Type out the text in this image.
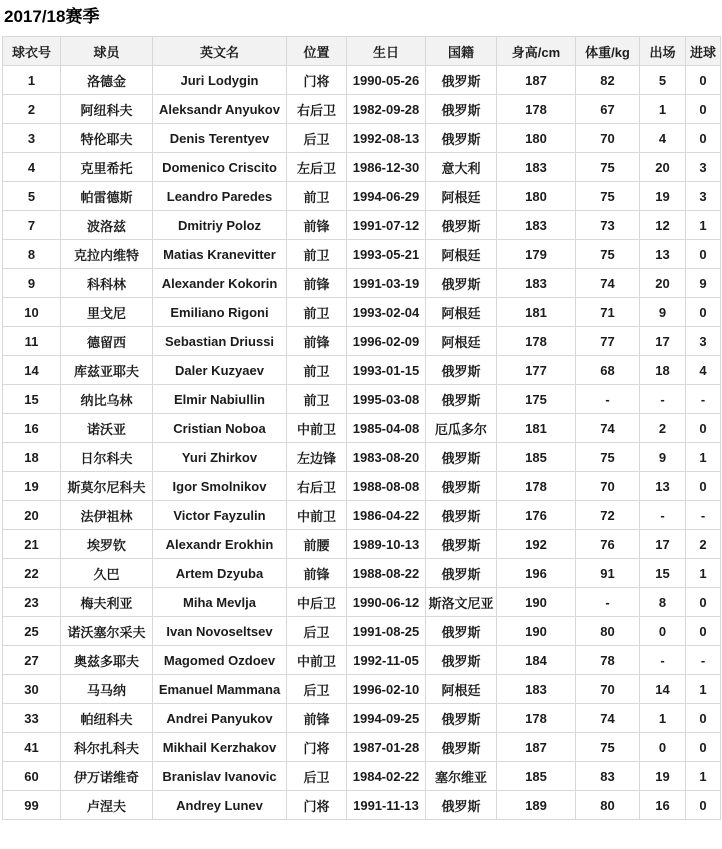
2017/18赛季
球衣号	球员	英文名	位置	生日	国籍	身高/cm	体重/kg	出场	进球
1	洛德金	Juri Lodygin	门将	1990-05-26	俄罗斯	187	82	5	0
2	阿纽科夫	Aleksandr Anyukov	右后卫	1982-09-28	俄罗斯	178	67	1	0
3	特伦耶夫	Denis Terentyev	后卫	1992-08-13	俄罗斯	180	70	4	0
4	克里希托	Domenico Criscito	左后卫	1986-12-30	意大利	183	75	20	3
5	帕雷德斯	Leandro Paredes	前卫	1994-06-29	阿根廷	180	75	19	3
7	波洛兹	Dmitriy Poloz	前锋	1991-07-12	俄罗斯	183	73	12	1
8	克拉内维特	Matias Kranevitter	前卫	1993-05-21	阿根廷	179	75	13	0
9	科科林	Alexander Kokorin	前锋	1991-03-19	俄罗斯	183	74	20	9
10	里戈尼	Emiliano Rigoni	前卫	1993-02-04	阿根廷	181	71	9	0
11	德留西	Sebastian Driussi	前锋	1996-02-09	阿根廷	178	77	17	3
14	库兹亚耶夫	Daler Kuzyaev	前卫	1993-01-15	俄罗斯	177	68	18	4
15	纳比乌林	Elmir Nabiullin	前卫	1995-03-08	俄罗斯	175	-	-	-
16	诺沃亚	Cristian Noboa	中前卫	1985-04-08	厄瓜多尔	181	74	2	0
18	日尔科夫	Yuri Zhirkov	左边锋	1983-08-20	俄罗斯	185	75	9	1
19	斯莫尔尼科夫	Igor Smolnikov	右后卫	1988-08-08	俄罗斯	178	70	13	0
20	法伊祖林	Victor Fayzulin	中前卫	1986-04-22	俄罗斯	176	72	-	-
21	埃罗钦	Alexandr Erokhin	前腰	1989-10-13	俄罗斯	192	76	17	2
22	久巴	Artem Dzyuba	前锋	1988-08-22	俄罗斯	196	91	15	1
23	梅夫利亚	Miha Mevlja	中后卫	1990-06-12	斯洛文尼亚	190	-	8	0
25	诺沃塞尔采夫	Ivan Novoseltsev	后卫	1991-08-25	俄罗斯	190	80	0	0
27	奥兹多耶夫	Magomed Ozdoev	中前卫	1992-11-05	俄罗斯	184	78	-	-
30	马马纳	Emanuel Mammana	后卫	1996-02-10	阿根廷	183	70	14	1
33	帕纽科夫	Andrei Panyukov	前锋	1994-09-25	俄罗斯	178	74	1	0
41	科尔扎科夫	Mikhail Kerzhakov	门将	1987-01-28	俄罗斯	187	75	0	0
60	伊万诺维奇	Branislav Ivanovic	后卫	1984-02-22	塞尔维亚	185	83	19	1
99	卢涅夫	Andrey Lunev	门将	1991-11-13	俄罗斯	189	80	16	0
